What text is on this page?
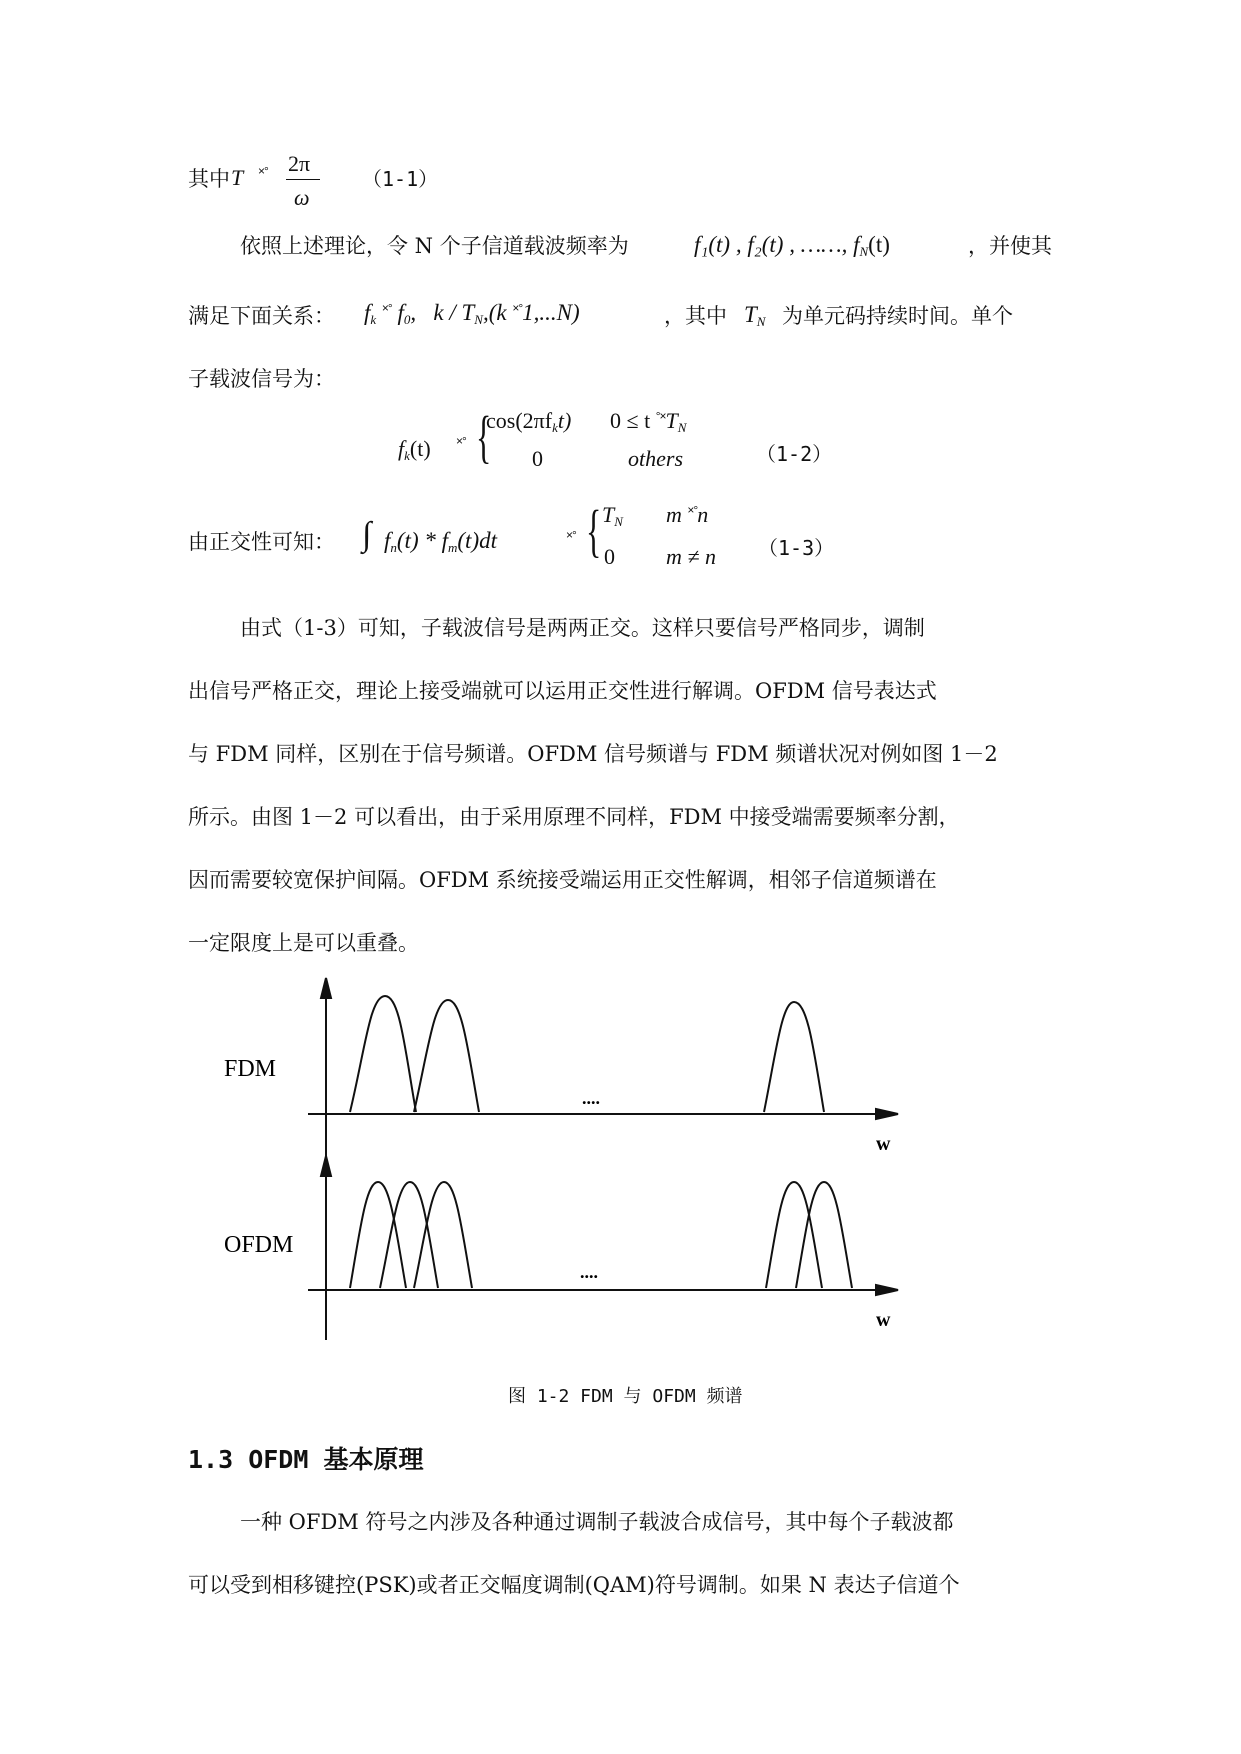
其中 T ×° 2π
ω
（1-1）
依照上述理论，令 N 个子信道载波频率为	f₁(t) , f₂(t) , ……, $f_N(t)$	，并使其
满足下面关系： $f_k$ ×° $f_0$,   k / $T_N,(k$ ×°1,...N)	，其中 $T_N$ 为单元码持续时间。单个
子载波信号为：
$f_k(t)$ ×° {
$\cos(2\pi f_kt) 0 \le t$ $^{^\circ\times}T_N$
0	others	（1-2）
由正交性可知： ∫ $f_n(t) * f_m(t)dt$	×° { $T_N$ m ×°n
0 m ≠ n （1-3）
由式（1-3）可知，子载波信号是两两正交。这样只要信号严格同步，调制
出信号严格正交，理论上接受端就可以运用正交性进行解调。OFDM 信号表达式
与 FDM 同样，区别在于信号频谱。OFDM 信号频谱与 FDM 频谱状况对例如图 1－2
所示。由图 1－2 可以看出，由于采用原理不同样，FDM 中接受端需要频率分割，
因而需要较宽保护间隔。OFDM 系统接受端运用正交性解调，相邻子信道频谱在
一定限度上是可以重叠。
FDM
OFDM
w
w
....
....
图 1-2 FDM 与 OFDM 频谱
1.3 OFDM 基本原理
一种 OFDM 符号之内涉及各种通过调制子载波合成信号，其中每个子载波都
可以受到相移键控(PSK)或者正交幅度调制(QAM)符号调制。如果 N 表达子信道个
